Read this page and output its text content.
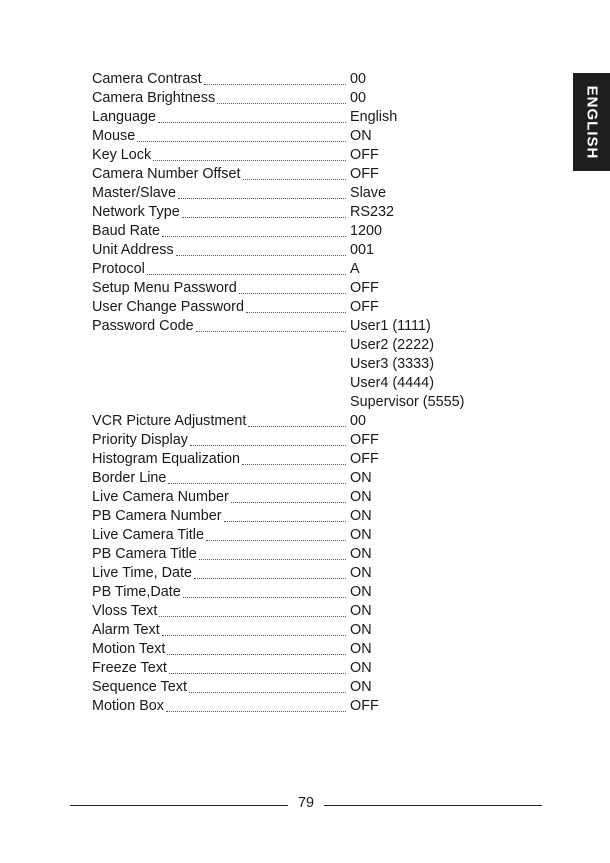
ENGLISH
Camera Contrast	00
Camera Brightness	00
Language	English
Mouse	ON
Key Lock	OFF
Camera Number Offset	OFF
Master/Slave	Slave
Network Type	RS232
Baud Rate	1200
Unit Address	001
Protocol	A
Setup Menu Password	OFF
User Change Password	OFF
Password Code	User1 (1111)
User2 (2222)
User3 (3333)
User4 (4444)
Supervisor (5555)
VCR Picture Adjustment	00
Priority Display	OFF
Histogram Equalization	OFF
Border Line	ON
Live Camera Number	ON
PB Camera Number	ON
Live Camera Title	ON
PB Camera Title	ON
Live Time, Date	ON
PB Time,Date	ON
Vloss Text	ON
Alarm Text	ON
Motion Text	ON
Freeze Text	ON
Sequence Text	ON
Motion Box	OFF
79
